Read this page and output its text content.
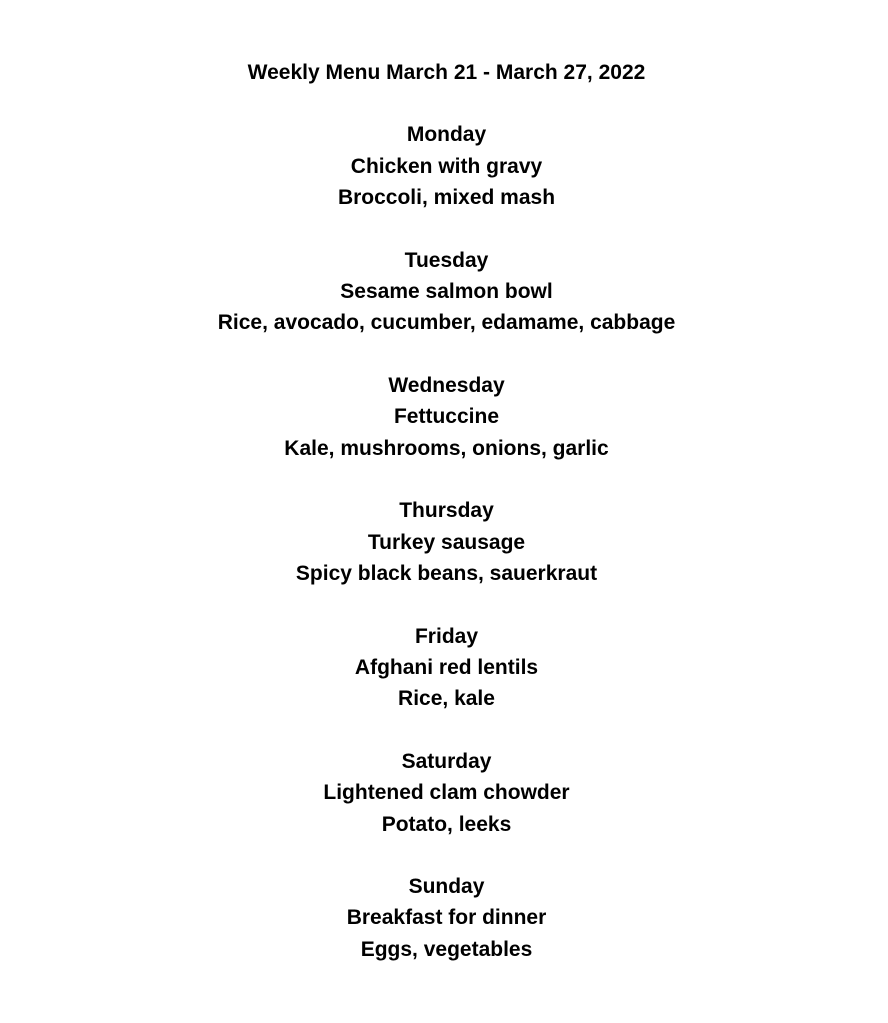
Weekly Menu March 21 - March 27, 2022
Monday
Chicken with gravy
Broccoli, mixed mash
Tuesday
Sesame salmon bowl
Rice, avocado, cucumber, edamame, cabbage
Wednesday
Fettuccine
Kale, mushrooms, onions, garlic
Thursday
Turkey sausage
Spicy black beans, sauerkraut
Friday
Afghani red lentils
Rice, kale
Saturday
Lightened clam chowder
Potato, leeks
Sunday
Breakfast for dinner
Eggs, vegetables
